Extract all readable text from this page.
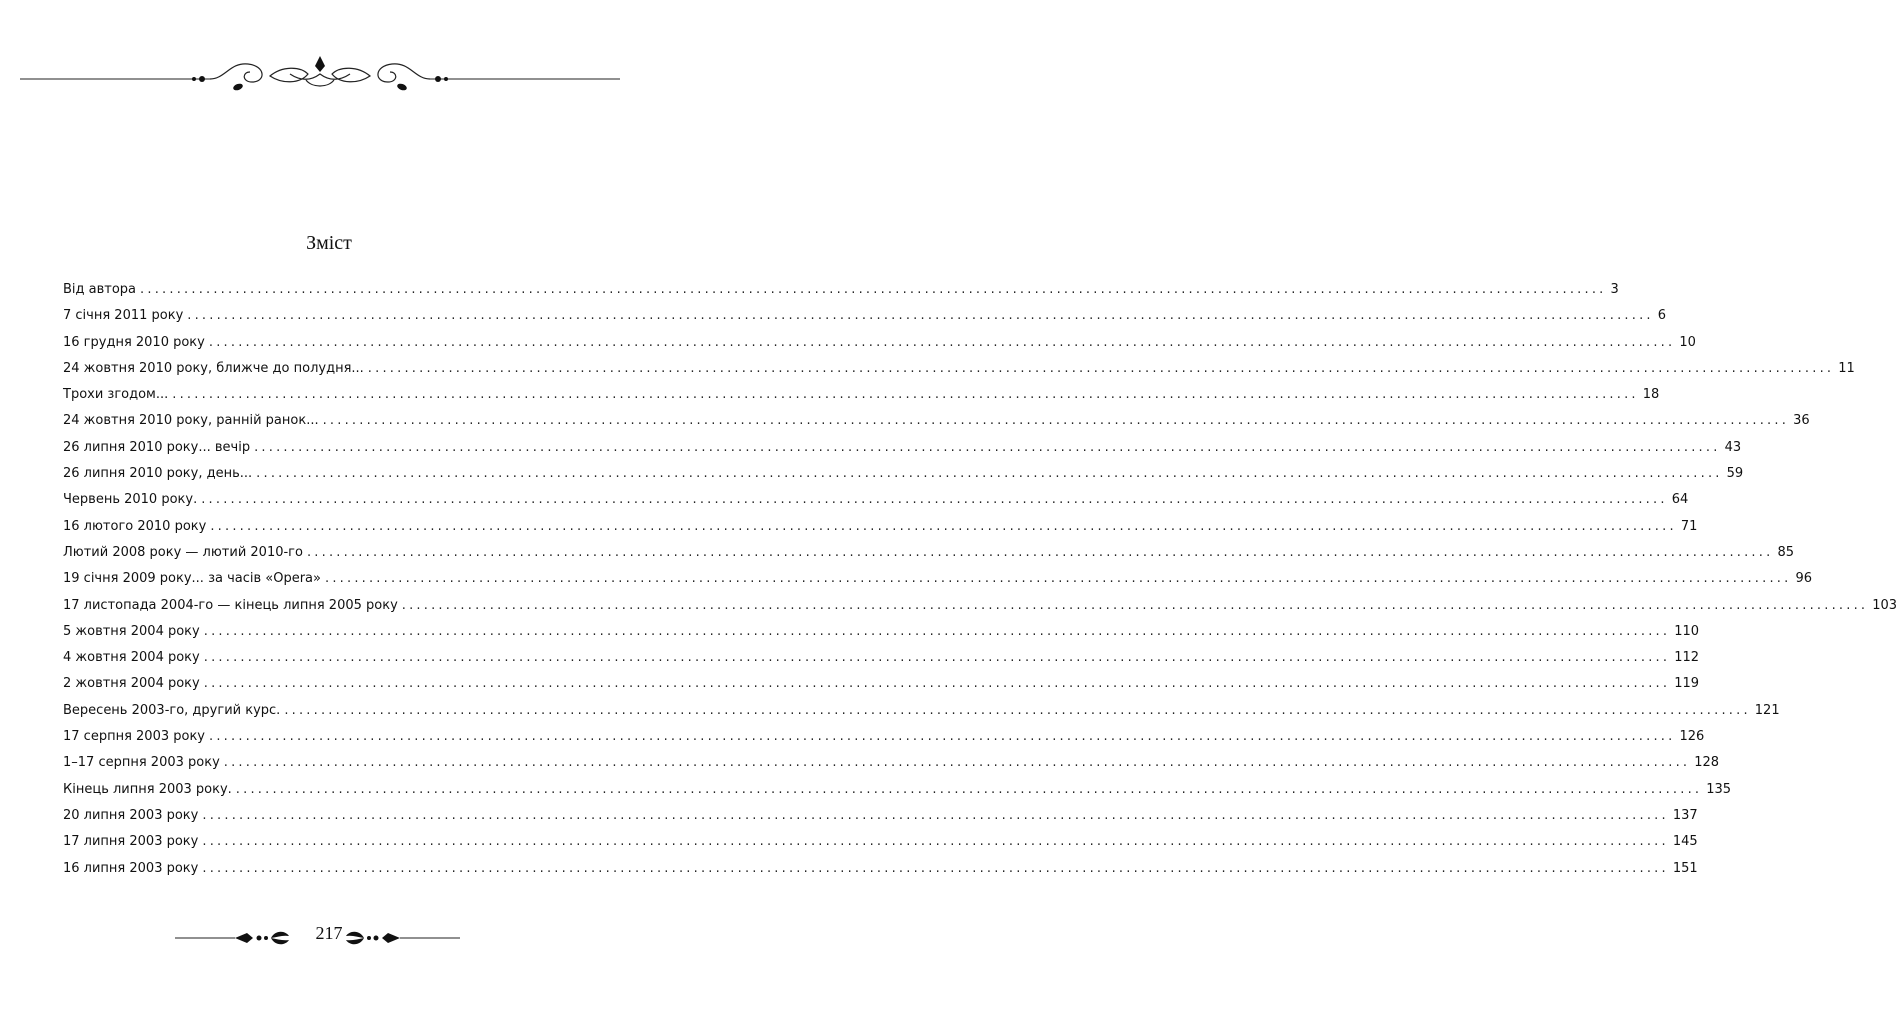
Зміст
Від автора ........................................................................................................................................................................................................ 3
7 січня 2011 року ........................................................................................................................................................................................................ 6
16 грудня 2010 року ........................................................................................................................................................................................................ 10
24 жовтня 2010 року, ближче до полудня... ........................................................................................................................................................................................................ 11
Трохи згодом... ........................................................................................................................................................................................................ 18
24 жовтня 2010 року, ранній ранок... ........................................................................................................................................................................................................ 36
26 липня 2010 року... вечір ........................................................................................................................................................................................................ 43
26 липня 2010 року, день... ........................................................................................................................................................................................................ 59
Червень 2010 року. ........................................................................................................................................................................................................ 64
16 лютого 2010 року ........................................................................................................................................................................................................ 71
Лютий 2008 року — лютий 2010-го ........................................................................................................................................................................................................ 85
19 січня 2009 року... за часів «Opera» ........................................................................................................................................................................................................ 96
17 листопада 2004-го — кінець липня 2005 року ........................................................................................................................................................................................................ 103
5 жовтня 2004 року ........................................................................................................................................................................................................ 110
4 жовтня 2004 року ........................................................................................................................................................................................................ 112
2 жовтня 2004 року ........................................................................................................................................................................................................ 119
Вересень 2003-го, другий курс. ........................................................................................................................................................................................................ 121
17 серпня 2003 року ........................................................................................................................................................................................................ 126
1–17 серпня 2003 року ........................................................................................................................................................................................................ 128
Кінець липня 2003 року. ........................................................................................................................................................................................................ 135
20 липня 2003 року ........................................................................................................................................................................................................ 137
17 липня 2003 року ........................................................................................................................................................................................................ 145
16 липня 2003 року ........................................................................................................................................................................................................ 151
217
